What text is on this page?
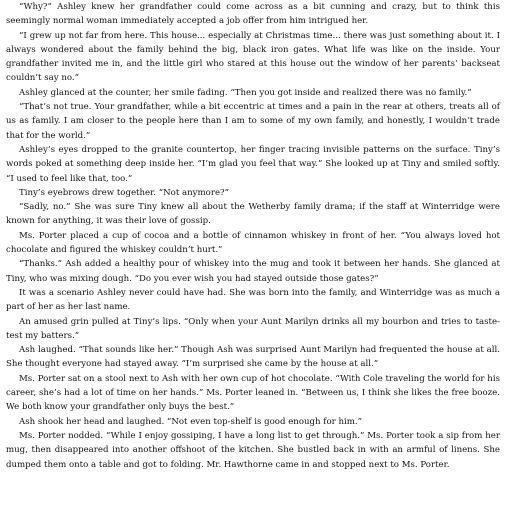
“Why?” Ashley knew her grandfather could come across as a bit cunning and crazy, but to think this seemingly normal woman immediately accepted a job offer from him intrigued her.

“I grew up not far from here. This house... especially at Christmas time... there was just something about it. I always wondered about the family behind the big, black iron gates. What life was like on the inside. Your grandfather invited me in, and the little girl who stared at this house out the window of her parents’ backseat couldn’t say no.”

Ashley glanced at the counter, her smile fading. “Then you got inside and realized there was no family.”

“That’s not true. Your grandfather, while a bit eccentric at times and a pain in the rear at others, treats all of us as family. I am closer to the people here than I am to some of my own family, and honestly, I wouldn’t trade that for the world.”

Ashley’s eyes dropped to the granite countertop, her finger tracing invisible patterns on the surface. Tiny’s words poked at something deep inside her. “I’m glad you feel that way.” She looked up at Tiny and smiled softly. “I used to feel like that, too.”

Tiny’s eyebrows drew together. “Not anymore?”

“Sadly, no.” She was sure Tiny knew all about the Wetherby family drama; if the staff at Winterridge were known for anything, it was their love of gossip.

Ms. Porter placed a cup of cocoa and a bottle of cinnamon whiskey in front of her. “You always loved hot chocolate and figured the whiskey couldn’t hurt.”

“Thanks.” Ash added a healthy pour of whiskey into the mug and took it between her hands. She glanced at Tiny, who was mixing dough. “Do you ever wish you had stayed outside those gates?”

It was a scenario Ashley never could have had. She was born into the family, and Winterridge was as much a part of her as her last name.

An amused grin pulled at Tiny’s lips. “Only when your Aunt Marilyn drinks all my bourbon and tries to taste-test my batters.”

Ash laughed. “That sounds like her.” Though Ash was surprised Aunt Marilyn had frequented the house at all. She thought everyone had stayed away. “I’m surprised she came by the house at all.”

Ms. Porter sat on a stool next to Ash with her own cup of hot chocolate. “With Cole traveling the world for his career, she’s had a lot of time on her hands.” Ms. Porter leaned in. “Between us, I think she likes the free booze. We both know your grandfather only buys the best.”

Ash shook her head and laughed. “Not even top-shelf is good enough for him.”

Ms. Porter nodded. “While I enjoy gossiping, I have a long list to get through.” Ms. Porter took a sip from her mug, then disappeared into another offshoot of the kitchen. She bustled back in with an armful of linens. She dumped them onto a table and got to folding. Mr. Hawthorne came in and stopped next to Ms. Porter.
